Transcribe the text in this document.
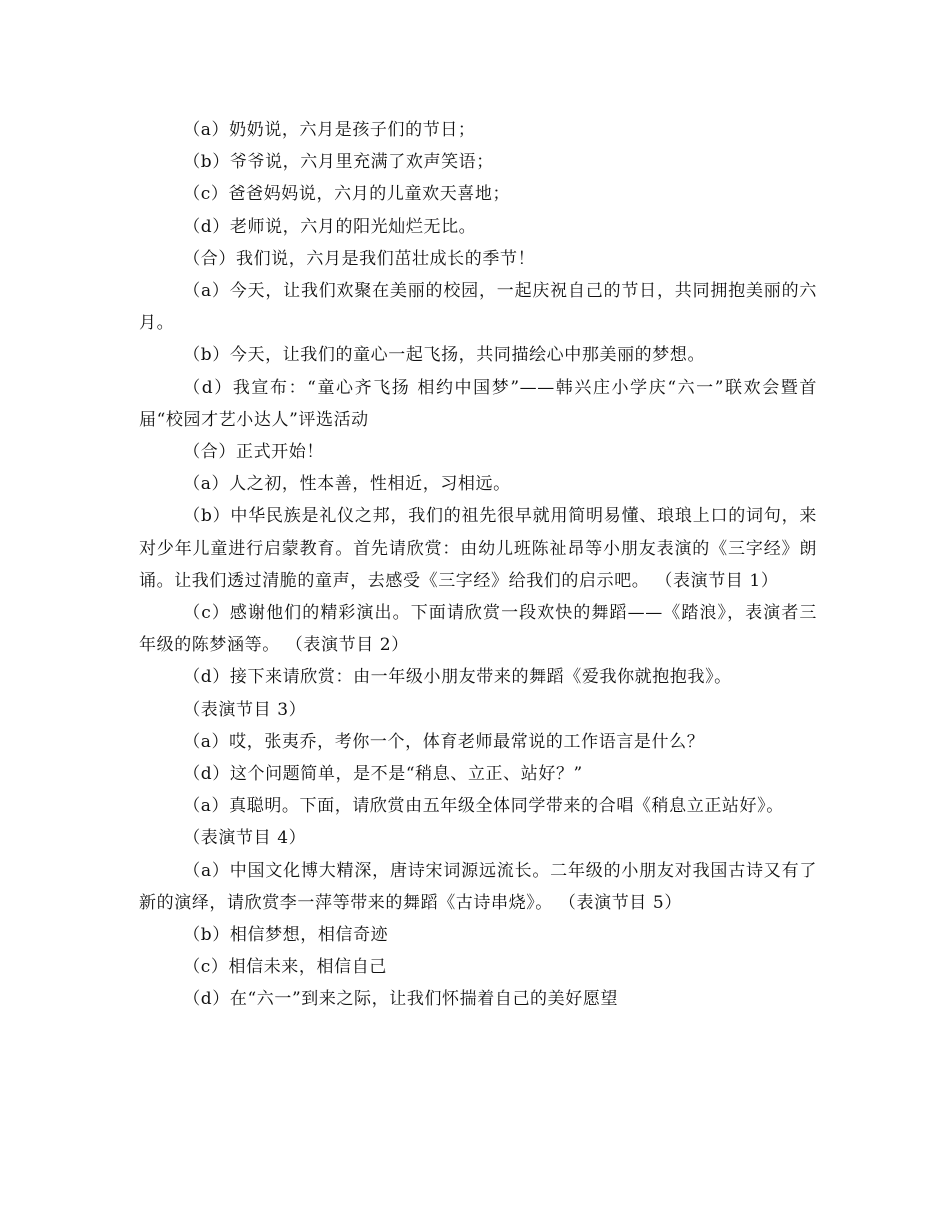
（a）奶奶说，六月是孩子们的节日；

（b）爷爷说，六月里充满了欢声笑语；

（c）爸爸妈妈说，六月的儿童欢天喜地；

（d）老师说，六月的阳光灿烂无比。

（合）我们说，六月是我们茁壮成长的季节！

（a）今天，让我们欢聚在美丽的校园，一起庆祝自己的节日，共同拥抱美丽的六月。

（b）今天，让我们的童心一起飞扬，共同描绘心中那美丽的梦想。

（d）我宣布：“童心齐飞扬 相约中国梦”——韩兴庄小学庆“六一”联欢会暨首届“校园才艺小达人”评选活动

（合）正式开始！

（a）人之初，性本善，性相近，习相远。

（b）中华民族是礼仪之邦，我们的祖先很早就用简明易懂、琅琅上口的词句，来对少年儿童进行启蒙教育。首先请欣赏：由幼儿班陈祉昂等小朋友表演的《三字经》朗诵。让我们透过清脆的童声，去感受《三字经》给我们的启示吧。 （表演节目 1）

（c）感谢他们的精彩演出。下面请欣赏一段欢快的舞蹈——《踏浪》，表演者三年级的陈梦涵等。 （表演节目 2）

（d）接下来请欣赏：由一年级小朋友带来的舞蹈《爱我你就抱抱我》。

（表演节目 3）

（a）哎，张夷乔，考你一个，体育老师最常说的工作语言是什么？

（d）这个问题简单，是不是“稍息、立正、站好？”

（a）真聪明。下面，请欣赏由五年级全体同学带来的合唱《稍息立正站好》。

（表演节目 4）

（a）中国文化博大精深，唐诗宋词源远流长。二年级的小朋友对我国古诗又有了新的演绎，请欣赏李一萍等带来的舞蹈《古诗串烧》。 （表演节目 5）

（b）相信梦想，相信奇迹

（c）相信未来，相信自己

（d）在“六一”到来之际，让我们怀揣着自己的美好愿望
